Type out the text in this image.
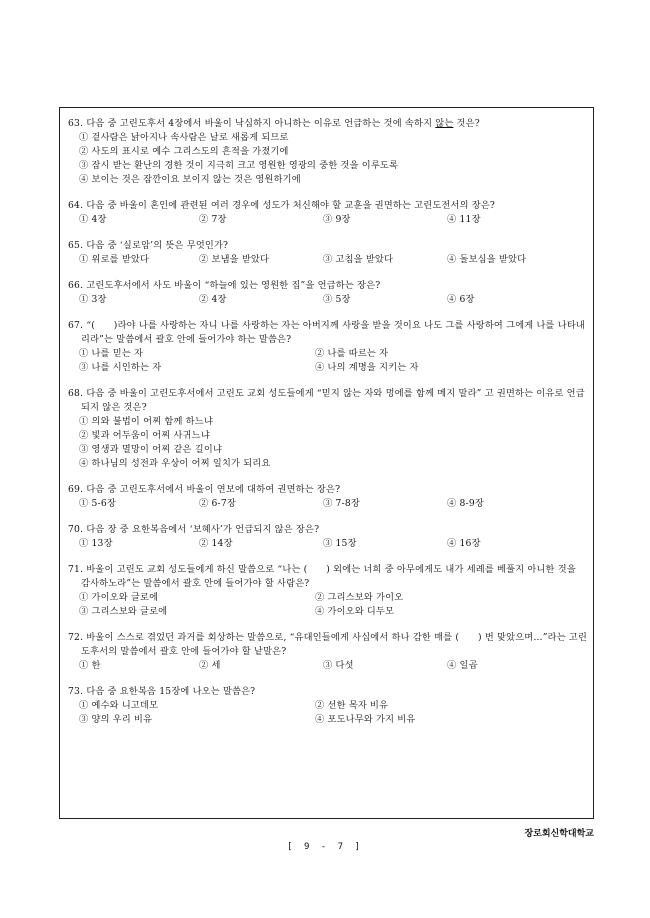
63. 다음 중 고린도후서 4장에서 바울이 낙심하지 아니하는 이유로 언급하는 것에 속하지 않는 것은?
① 겉사람은 낡아지나 속사람은 날로 새롭게 되므로
② 사도의 표시로 예수 그리스도의 흔적을 가졌기에
③ 잠시 받는 환난의 경한 것이 지극히 크고 영원한 영광의 중한 것을 이루도록
④ 보이는 것은 잠깐이요 보이지 않는 것은 영원하기에
64. 다음 중 바울이 혼인에 관련된 여러 경우에 성도가 처신해야 할 교훈을 권면하는 고린도전서의 장은?
① 4장	② 7장	③ 9장	④ 11장
65. 다음 중 ‘실로암’의 뜻은 무엇인가?
① 위로를 받았다	② 보냄을 받았다	③ 고침을 받았다	④ 돌보심을 받았다
66. 고린도후서에서 사도 바울이 “하늘에 있는 영원한 집”을 언급하는 장은?
① 3장	② 4장	③ 5장	④ 6장
67. “(　　)라야 나를 사랑하는 자니 나를 사랑하는 자는 아버지께 사랑을 받을 것이요 나도 그를 사랑하여 그에게 나를 나타내리라”는 말씀에서 괄호 안에 들어가야 하는 말씀은?
① 나를 믿는 자	② 나를 따르는 자
③ 나를 시인하는 자	④ 나의 계명을 지키는 자
68. 다음 중 바울이 고린도후서에서 고린도 교회 성도들에게 “믿지 않는 자와 멍에를 함께 메지 말라” 고 권면하는 이유로 언급되지 않은 것은?
① 의와 불법이 어찌 함께 하느냐
② 빛과 어두움이 어찌 사귀느냐
③ 영생과 멸망이 어찌 같은 길이냐
④ 하나님의 성전과 우상이 어찌 일치가 되리요
69. 다음 중 고린도후서에서 바울이 연보에 대하여 권면하는 장은?
① 5-6장	② 6-7장	③ 7-8장	④ 8-9장
70. 다음 장 중 요한복음에서 ‘보혜사’가 언급되지 않은 장은?
① 13장	② 14장	③ 15장	④ 16장
71. 바울이 고린도 교회 성도들에게 하신 말씀으로 “나는 (　　) 외에는 너희 중 아무에게도 내가 세례를 베풀지 아니한 것을 감사하노라”는 말씀에서 괄호 안에 들어가야 할 사람은?
① 가이오와 글로에	② 그리스보와 가이오
③ 그리스보와 글로에	④ 가이오와 디두모
72. 바울이 스스로 겪었던 과거를 회상하는 말씀으로, “유대인들에게 사십에서 하나 감한 매를 (　　) 번 맞았으며…”라는 고린도후서의 말씀에서 괄호 안에 들어가야 할 낱말은?
① 한	② 세	③ 다섯	④ 일곱
73. 다음 중 요한복음 15장에 나오는 말씀은?
① 예수와 니고데모	② 선한 목자 비유
③ 양의 우리 비유	④ 포도나무와 가지 비유
장로회신학대학교
[ 9 - 7 ]
